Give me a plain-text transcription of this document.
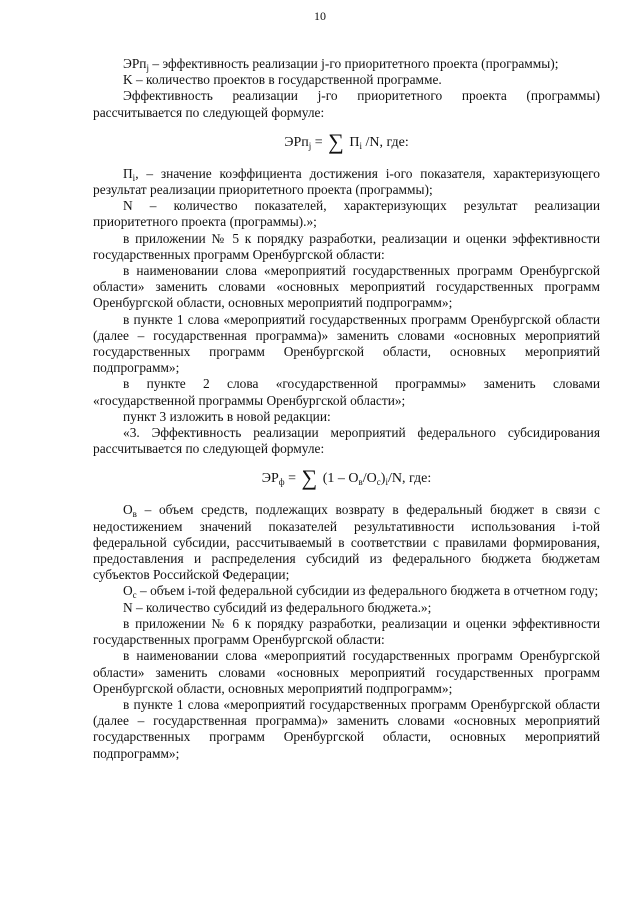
10

ЭРп$_j$ – эффективность реализации j-го приоритетного проекта (программы);

K – количество проектов в государственной программе.

Эффективность реализации j-го приоритетного проекта (программы) рассчитывается по следующей формуле:

ЭРп$_j$ = ∑ $П_i$ /N, где:

$П_i$, – значение коэффициента достижения i-ого показателя, характеризующего результат реализации приоритетного проекта (программы);

N – количество показателей, характеризующих результат реализации приоритетного проекта (программы).»;

в приложении № 5 к порядку разработки, реализации и оценки эффективности государственных программ Оренбургской области:

в наименовании слова «мероприятий государственных программ Оренбургской области» заменить словами «основных мероприятий государственных программ Оренбургской области, основных мероприятий подпрограмм»;

в пункте 1 слова «мероприятий государственных программ Оренбургской области (далее – государственная программа)» заменить словами «основных мероприятий государственных программ Оренбургской области, основных мероприятий подпрограмм»;

в пункте 2 слова «государственной программы» заменить словами «государственной программы Оренбургской области»;

пункт 3 изложить в новой редакции:

«3. Эффективность реализации мероприятий федерального субсидирования рассчитывается по следующей формуле:

$ЭР_ф$ = ∑ $(1 - О_в/О_с)_i/N$, где:

$О_в$ – объем средств, подлежащих возврату в федеральный бюджет в связи с недостижением значений показателей результативности использования i-той федеральной субсидии, рассчитываемый в соответствии с правилами формирования, предоставления и распределения субсидий из федерального бюджета бюджетам субъектов Российской Федерации;

$О_с$ – объем i-той федеральной субсидии из федерального бюджета в отчетном году;

N – количество субсидий из федерального бюджета.»;

в приложении № 6 к порядку разработки, реализации и оценки эффективности государственных программ Оренбургской области:

в наименовании слова «мероприятий государственных программ Оренбургской области» заменить словами «основных мероприятий государственных программ Оренбургской области, основных мероприятий подпрограмм»;

в пункте 1 слова «мероприятий государственных программ Оренбургской области (далее – государственная программа)» заменить словами «основных мероприятий государственных программ Оренбургской области, основных мероприятий подпрограмм»;
